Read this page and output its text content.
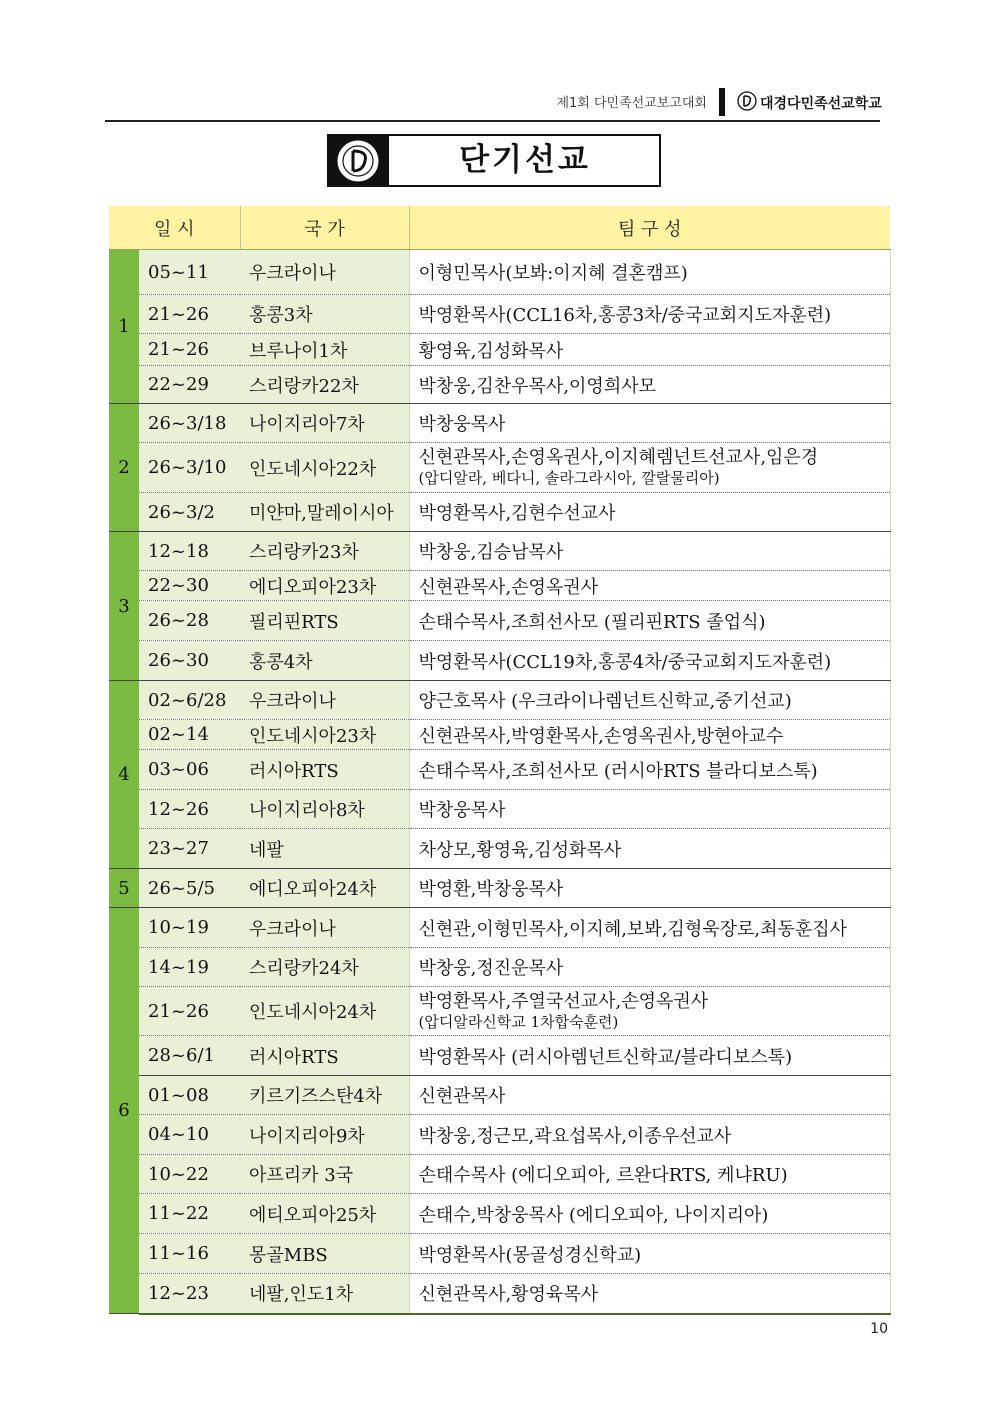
제1회 다민족선교보고대회	대경다민족선교학교
단기선교
일 시		국 가	팀 구 성
1	05~11	우크라이나	이형민목사(보봐:이지혜 결혼캠프)
	21~26	홍콩3차	박영환목사(CCL16차,홍콩3차/중국교회지도자훈련)
	21~26	브루나이1차	황영육,김성화목사
	22~29	스리랑카22차	박창웅,김찬우목사,이영희사모
2	26~3/18	나이지리아7차	박창웅목사
	26~3/10	인도네시아22차	신현관목사,손영옥권사,이지혜렘넌트선교사,임은경
(압디알라, 베다니, 솔라그라시아, 깔랄물리아)

	26~3/2	미얀마,말레이시아	박영환목사,김현수선교사
3	12~18	스리랑카23차	박창웅,김승남목사
	22~30	에디오피아23차	신현관목사,손영옥권사
	26~28	필리핀RTS	손태수목사,조희선사모 (필리핀RTS 졸업식)
	26~30	홍콩4차	박영환목사(CCL19차,홍콩4차/중국교회지도자훈련)
4	02~6/28	우크라이나	양근호목사 (우크라이나렘넌트신학교,중기선교)
	02~14	인도네시아23차	신현관목사,박영환목사,손영옥권사,방현아교수
	03~06	러시아RTS	손태수목사,조희선사모 (러시아RTS 블라디보스톡)
	12~26	나이지리아8차	박창웅목사
	23~27	네팔	차상모,황영육,김성화목사
5	26~5/5	에디오피아24차	박영환,박창웅목사
6	10~19	우크라이나	신현관,이형민목사,이지혜,보봐,김형욱장로,최동훈집사
	14~19	스리랑카24차	박창웅,정진운목사
	21~26	인도네시아24차	박영환목사,주열국선교사,손영옥권사
(압디알라신학교 1차합숙훈련)

	28~6/1	러시아RTS	박영환목사 (러시아렘넌트신학교/블라디보스톡)
	01~08	키르기즈스탄4차	신현관목사
	04~10	나이지리아9차	박창웅,정근모,곽요섭목사,이종우선교사
	10~22	아프리카 3국	손태수목사 (에디오피아, 르완다RTS, 케냐RU)
	11~22	에티오피아25차	손태수,박창웅목사 (에디오피아, 나이지리아)
	11~16	몽골MBS	박영환목사(몽골성경신학교)
	12~23	네팔,인도1차	신현관목사,황영육목사
10
